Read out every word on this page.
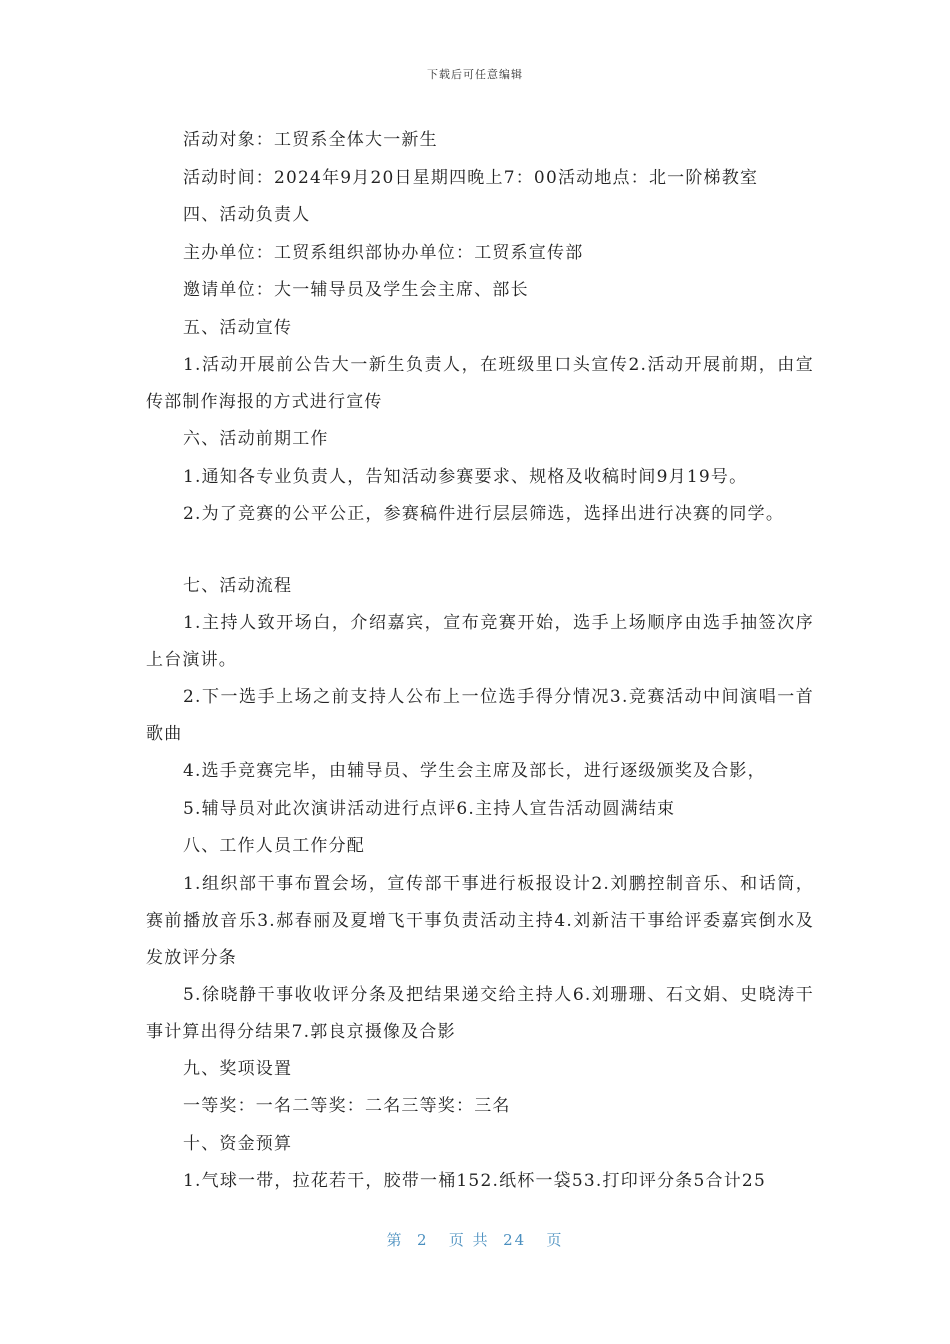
下载后可任意编辑
活动对象：工贸系全体大一新生
活动时间：2024年9月20日星期四晚上7：00活动地点：北一阶梯教室
四、活动负责人
主办单位：工贸系组织部协办单位：工贸系宣传部
邀请单位：大一辅导员及学生会主席、部长
五、活动宣传
1.活动开展前公告大一新生负责人，在班级里口头宣传2.活动开展前期，由宣传部制作海报的方式进行宣传
六、活动前期工作
1.通知各专业负责人，告知活动参赛要求、规格及收稿时间9月19号。
2.为了竞赛的公平公正，参赛稿件进行层层筛选，选择出进行决赛的同学。
七、活动流程
1.主持人致开场白，介绍嘉宾，宣布竞赛开始，选手上场顺序由选手抽签次序上台演讲。
2.下一选手上场之前支持人公布上一位选手得分情况3.竞赛活动中间演唱一首歌曲
4.选手竞赛完毕，由辅导员、学生会主席及部长，进行逐级颁奖及合影，
5.辅导员对此次演讲活动进行点评6.主持人宣告活动圆满结束
八、工作人员工作分配
1.组织部干事布置会场，宣传部干事进行板报设计2.刘鹏控制音乐、和话筒，赛前播放音乐3.郝春丽及夏增飞干事负责活动主持4.刘新洁干事给评委嘉宾倒水及发放评分条
5.徐晓静干事收收评分条及把结果递交给主持人6.刘珊珊、石文娟、史晓涛干事计算出得分结果7.郭良京摄像及合影
九、奖项设置
一等奖：一名二等奖：二名三等奖：三名
十、资金预算
1.气球一带，拉花若干，胶带一桶152.纸杯一袋53.打印评分条5合计25
第  2   页 共  24   页
